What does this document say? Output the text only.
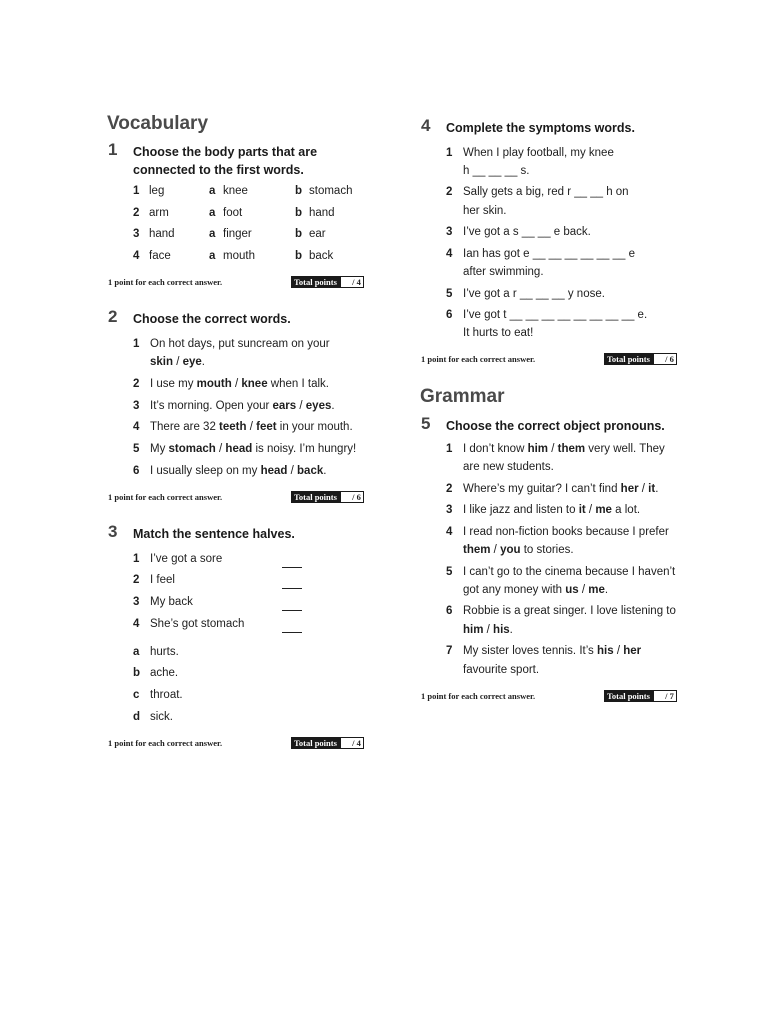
Vocabulary
1 Choose the body parts that are
connected to the first words.
1 leg	a knee	b stomach
2 arm	a foot	b hand
3 hand	a finger	b ear
4 face	a mouth	b back
1 point for each correct answer.	Total points	/ 4
2 Choose the correct words.
1 On hot days, put suncream on your
skin / eye.
2 I use my mouth / knee when I talk.
3 It’s morning. Open your ears / eyes.
4 There are 32 teeth / feet in your mouth.
5 My stomach / head is noisy. I’m hungry!
6 I usually sleep on my head / back.
1 point for each correct answer.	Total points	/ 6
3 Match the sentence halves.
1 I’ve got a sore
2 I feel
3 My back
4 She’s got stomach
a hurts.
b ache.
c throat.
d sick.
1 point for each correct answer.	Total points	/ 4
4 Complete the symptoms words.
1 When I play football, my knee
h __ __ __ s.
2 Sally gets a big, red r __ __ h on
her skin.
3 I’ve got a s __ __ e back.
4 Ian has got e __ __ __ __ __ __ e
after swimming.
5 I’ve got a r __ __ __ y nose.
6 I’ve got t __ __ __ __ __ __ __ __ e.
It hurts to eat!
1 point for each correct answer.	Total points	/ 6
Grammar
5 Choose the correct object pronouns.
1 I don’t know him / them very well. They
are new students.
2 Where’s my guitar? I can’t find her / it.
3 I like jazz and listen to it / me a lot.
4 I read non-fiction books because I prefer
them / you to stories.
5 I can’t go to the cinema because I haven’t
got any money with us / me.
6 Robbie is a great singer. I love listening to
him / his.
7 My sister loves tennis. It’s his / her
favourite sport.
1 point for each correct answer.	Total points	/ 7
